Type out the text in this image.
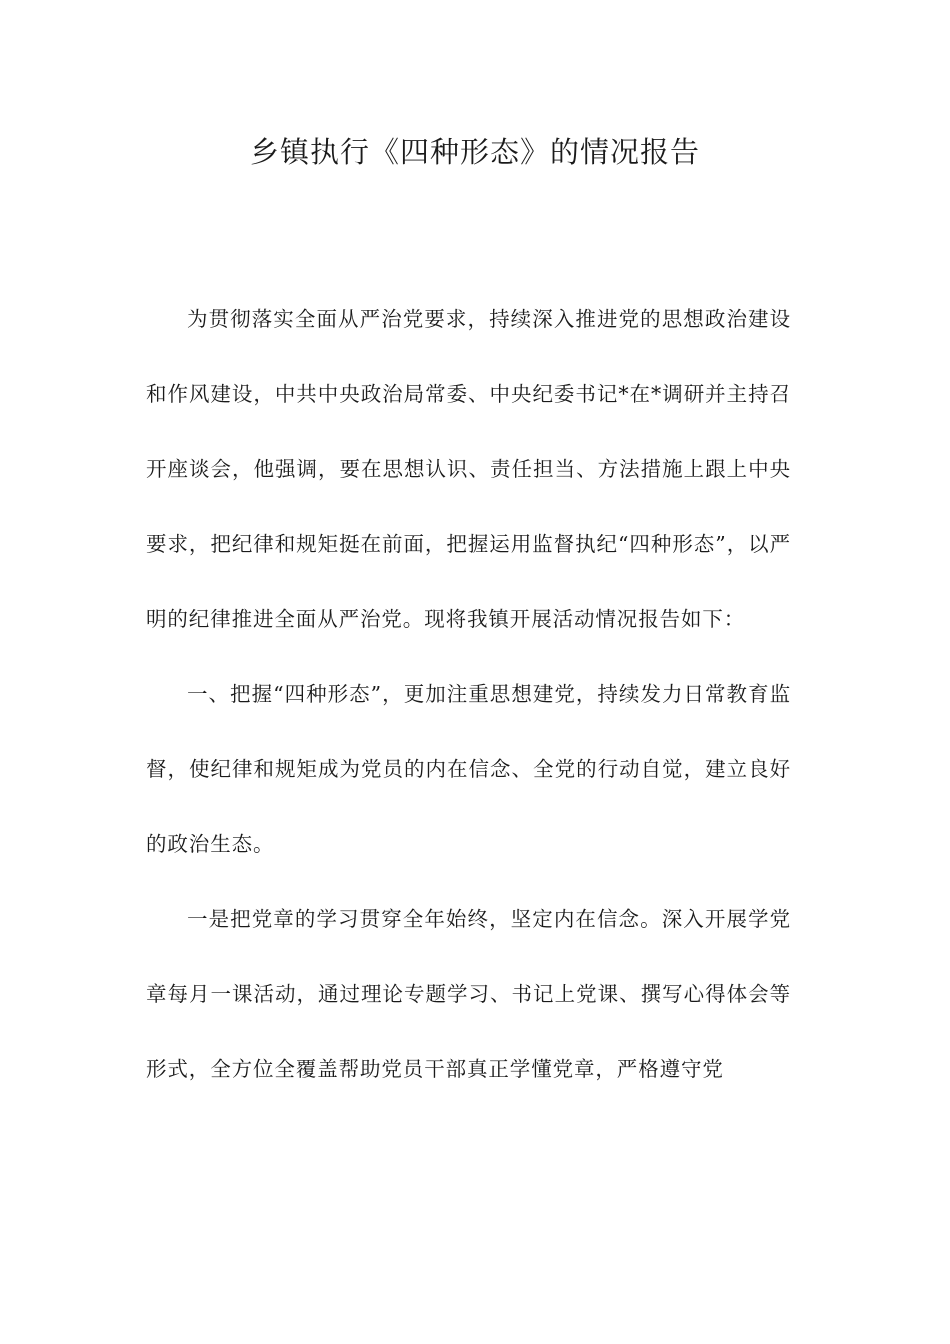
乡镇执行《四种形态》的情况报告

为贯彻落实全面从严治党要求，持续深入推进党的思想政治建设和作风建设，中共中央政治局常委、中央纪委书记*在*调研并主持召开座谈会，他强调，要在思想认识、责任担当、方法措施上跟上中央要求，把纪律和规矩挺在前面，把握运用监督执纪“四种形态”，以严明的纪律推进全面从严治党。现将我镇开展活动情况报告如下：

一、把握“四种形态”，更加注重思想建党，持续发力日常教育监督，使纪律和规矩成为党员的内在信念、全党的行动自觉，建立良好的政治生态。

一是把党章的学习贯穿全年始终，坚定内在信念。深入开展学党章每月一课活动，通过理论专题学习、书记上党课、撰写心得体会等形式，全方位全覆盖帮助党员干部真正学懂党章，严格遵守党
